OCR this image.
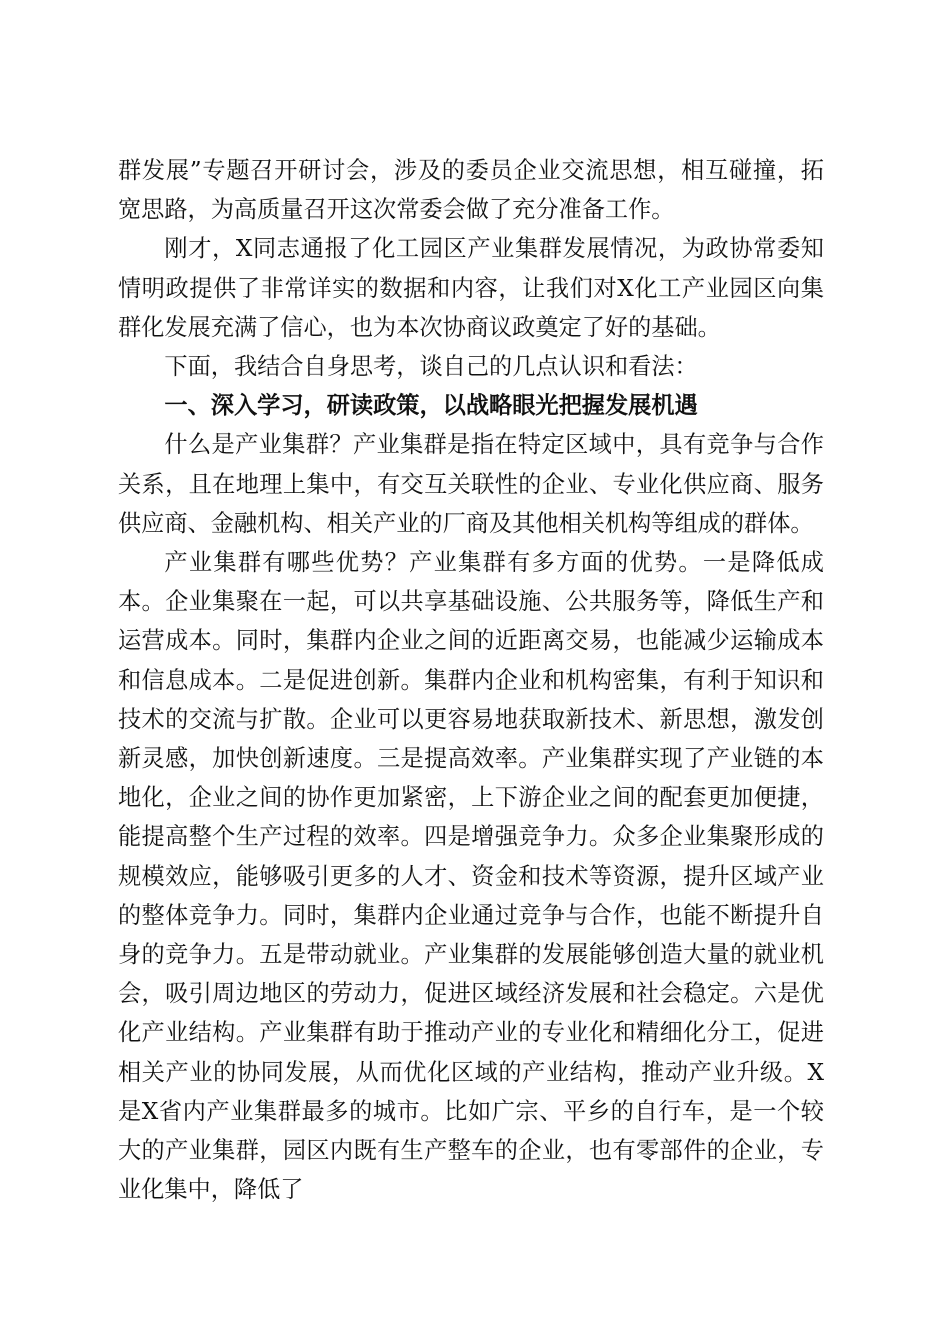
群发展”专题召开研讨会，涉及的委员企业交流思想，相互碰撞，拓宽思路，为高质量召开这次常委会做了充分准备工作。

刚才，X同志通报了化工园区产业集群发展情况，为政协常委知情明政提供了非常详实的数据和内容，让我们对X化工产业园区向集群化发展充满了信心，也为本次协商议政奠定了好的基础。

下面，我结合自身思考，谈自己的几点认识和看法：

一、深入学习，研读政策，以战略眼光把握发展机遇

什么是产业集群？产业集群是指在特定区域中，具有竞争与合作关系，且在地理上集中，有交互关联性的企业、专业化供应商、服务供应商、金融机构、相关产业的厂商及其他相关机构等组成的群体。

产业集群有哪些优势？产业集群有多方面的优势。一是降低成本。企业集聚在一起，可以共享基础设施、公共服务等，降低生产和运营成本。同时，集群内企业之间的近距离交易，也能减少运输成本和信息成本。二是促进创新。集群内企业和机构密集，有利于知识和技术的交流与扩散。企业可以更容易地获取新技术、新思想，激发创新灵感，加快创新速度。三是提高效率。产业集群实现了产业链的本地化，企业之间的协作更加紧密，上下游企业之间的配套更加便捷，能提高整个生产过程的效率。四是增强竞争力。众多企业集聚形成的规模效应，能够吸引更多的人才、资金和技术等资源，提升区域产业的整体竞争力。同时，集群内企业通过竞争与合作，也能不断提升自身的竞争力。五是带动就业。产业集群的发展能够创造大量的就业机会，吸引周边地区的劳动力，促进区域经济发展和社会稳定。六是优化产业结构。产业集群有助于推动产业的专业化和精细化分工，促进相关产业的协同发展，从而优化区域的产业结构，推动产业升级。X是X省内产业集群最多的城市。比如广宗、平乡的自行车，是一个较大的产业集群，园区内既有生产整车的企业，也有零部件的企业，专业化集中，降低了
